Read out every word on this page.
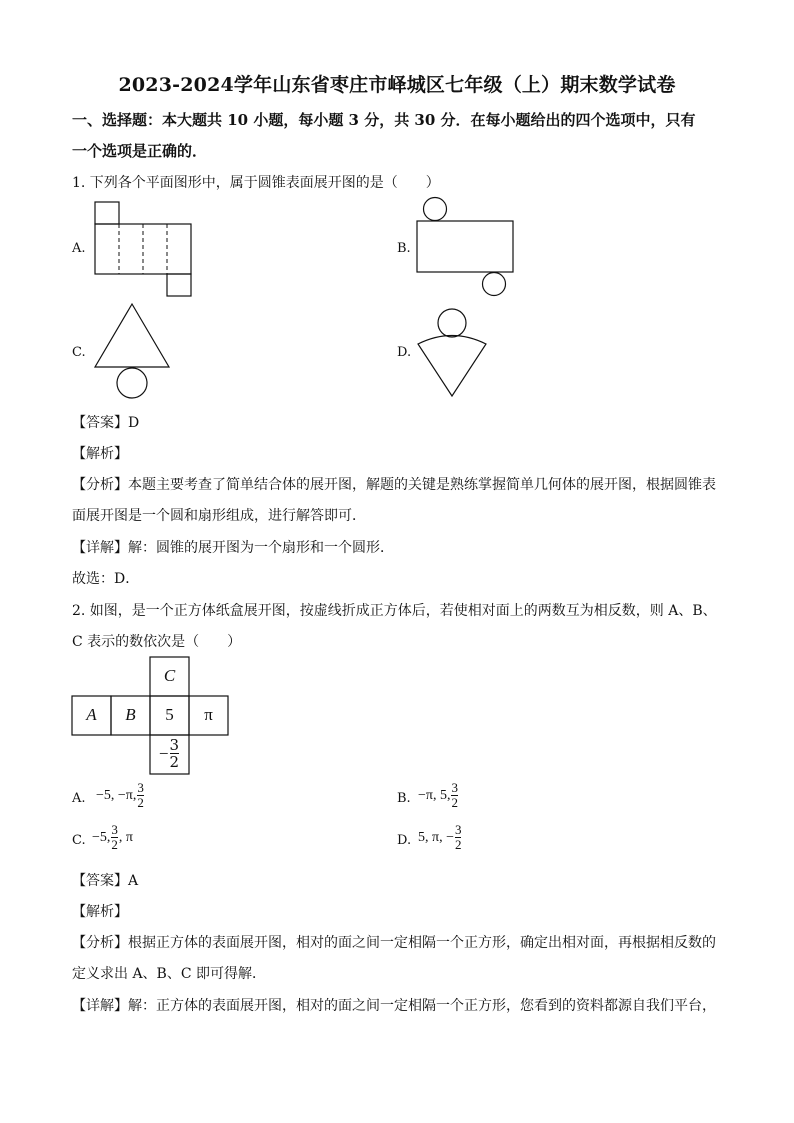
2023-2024学年山东省枣庄市峄城区七年级（上）期末数学试卷
一、选择题：本大题共 10 小题，每小题 3 分，共 30 分．在每小题给出的四个选项中，只有
一个选项是正确的．
1. 下列各个平面图形中，属于圆锥表面展开图的是（　　）
A.	B.
C.	D.
【答案】D
【解析】
【分析】本题主要考查了简单结合体的展开图，解题的关键是熟练掌握简单几何体的展开图，根据圆锥表
面展开图是一个圆和扇形组成，进行解答即可．
【详解】解：圆锥的展开图为一个扇形和一个圆形．
故选：D．
2. 如图，是一个正方体纸盒展开图，按虚线折成正方体后，若使相对面上的两数互为相反数，则 A、B、
C 表示的数依次是（　　）
C
A	B	5	π
− $\frac{3}{2}$
A. −5, −π, $\frac{3}{2}$	B. −π, 5, $\frac{3}{2}$
C. −5, $\frac{3}{2}$ , π	D. 5, π, − $\frac{3}{2}$
【答案】A
【解析】
【分析】根据正方体的表面展开图，相对的面之间一定相隔一个正方形，确定出相对面，再根据相反数的
定义求出 A、B、C 即可得解．
【详解】解：正方体的表面展开图，相对的面之间一定相隔一个正方形，您看到的资料都源自我们平台，
